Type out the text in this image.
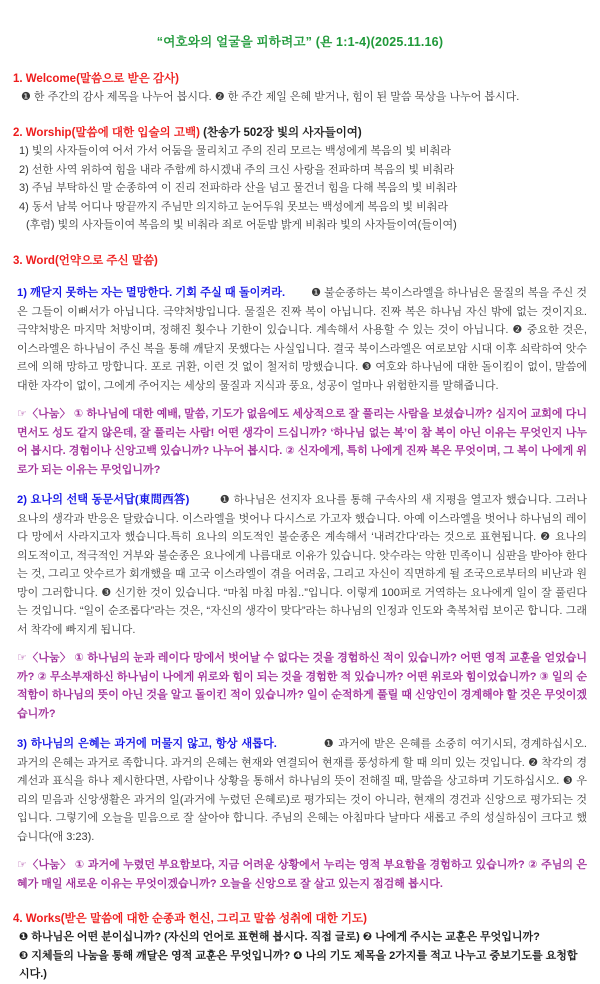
“여호와의 얼굴을 피하려고” (욘 1:1-4)(2025.11.16)
1. Welcome(말씀으로 받은 감사)

❶ 한 주간의 감사 제목을 나누어 봅시다. ❷ 한 주간 제일 은혜 받거나, 힘이 된 말씀 묵상을 나누어 봅시다.

2. Worship(말씀에 대한 입술의 고백) (찬송가 502장 빛의 사자들이여)

1) 빛의 사자들이여 어서 가서 어둠을 물리치고 주의 진리 모르는 백성에게 복음의 빛 비춰라

2) 선한 사역 위하여 힘을 내라 주함께 하시겠내 주의 크신 사랑을 전파하며 복음의 빛 비춰라

3) 주님 부탁하신 말 순종하여 이 진리 전파하라 산을 넘고 물건너 힘을 다해 복음의 빛 비춰라

4) 동서 남북 어디나 땅끝까지 주님만 의지하고 눈어두워 못보는 백성에게 복음의 빛 비춰라

(후렴) 빛의 사자들이여 복음의 빛 비춰라 죄로 어둔밤 밝게 비춰라 빛의 사자들이여(들이여)

3. Word(언약으로 주신 말씀)

1) 깨닫지 못하는 자는 멸망한다. 기회 주실 때 돌이켜라. ❶ 불순종하는 북이스라엘을 하나님은 물질의 복을 주신 것은 그들이 이뻐서가 아닙니다. 극약처방입니다. 물질은 진짜 복이 아닙니다. 진짜 복은 하나님 자신 밖에 없는 것이지요. 극약처방은 마지막 처방이며, 정해진 횟수나 기한이 있습니다. 계속해서 사용할 수 있는 것이 아닙니다. ❷ 중요한 것은, 이스라엘은 하나님이 주신 복을 통해 깨닫지 못했다는 사실입니다. 결국 북이스라엘은 여로보암 시대 이후 쇠락하여 앗수르에 의해 망하고 망합니다. 포로 귀환, 이런 것 없이 철저히 망했습니다. ❸ 여호와 하나님에 대한 돌이킴이 없이, 말씀에 대한 자각이 없이, 그에게 주어지는 세상의 물질과 지식과 풍요, 성공이 얼마나 위험한지를 말해줍니다.

☞〈나눔〉 ① 하나님에 대한 예배, 말씀, 기도가 없음에도 세상적으로 잘 풀리는 사람을 보셨습니까? 심지어 교회에 다니면서도 성도 같지 않은데, 잘 풀리는 사람! 어떤 생각이 드십니까? ‘하나님 없는 복’이 참 복이 아닌 이유는 무엇인지 나누어 봅시다. 경험이나 신앙고백 있습니까? 나누어 봅시다. ② 신자에게, 특히 나에게 진짜 복은 무엇이며, 그 복이 나에게 위로가 되는 이유는 무엇입니까?

2) 요나의 선택 동문서답(東問西答)	❶ 하나님은 선지자 요나를 통해 구속사의 새 지평을 열고자 했습니다. 그러나 요나의 생각과 반응은 달랐습니다. 이스라엘을 벗어나 다시스로 가고자 했습니다. 아예 이스라엘을 벗어나 하나님의 레이다 망에서 사라지고자 했습니다.특히 요나의 의도적인 불순종은 계속해서 ‘내려간다’라는 것으로 표현됩니다. ❷ 요나의 의도적이고, 적극적인 거부와 불순종은 요나에게 나름대로 이유가 있습니다. 앗수라는 악한 민족이니 심판을 받아야 한다는 것, 그리고 앗수르가 회개했을 때 고국 이스라엘이 겪을 어려움, 그리고 자신이 직면하게 될 조국으로부터의 비난과 원망이 그러합니다. ❸ 신기한 것이 있습니다. “마침 마침 마침..”입니다. 이렇게 100퍼로 거역하는 요나에게 일이 잘 풀린다는 것입니다. “일이 순조롭다”라는 것은, “자신의 생각이 맞다”라는 하나님의 인정과 인도와 축복처럼 보이곤 합니다. 그래서 착각에 빠지게 됩니다.

☞〈나눔〉 ① 하나님의 눈과 레이다 망에서 벗어날 수 없다는 것을 경험하신 적이 있습니까? 어떤 영적 교훈을 얻었습니까? ② 무소부재하신 하나님이 나에게 위로와 힘이 되는 것을 경험한 적 있습니까? 어떤 위로와 힘이었습니까? ③ 일의 순적함이 하나님의 뜻이 아닌 것을 알고 돌이킨 적이 있습니까? 일이 순적하게 풀릴 때 신앙인이 경계해야 할 것은 무엇이겠습니까?

3) 하나님의 은혜는 과거에 머물지 않고, 항상 새롭다.	❶ 과거에 받은 은혜를 소중히 여기시되, 경계하십시오. 과거의 은혜는 과거로 족합니다. 과거의 은혜는 현재와 연결되어 현재를 풍성하게 할 때 의미 있는 것입니다. ❷ 착각의 경계선과 표식을 하나 제시한다면, 사람이나 상황을 통해서 하나님의 뜻이 전해질 때, 말씀을 상고하며 기도하십시오. ❸ 우리의 믿음과 신앙생활은 과거의 일(과거에 누렸던 은혜로)로 평가되는 것이 아니라, 현재의 경건과 신앙으로 평가되는 것입니다. 그렇기에 오늘을 믿음으로 잘 살아야 합니다. 주님의 은혜는 아침마다 날마다 새롭고 주의 성실하심이 크다고 했습니다(애 3:23).

☞〈나눔〉 ① 과거에 누렸던 부요함보다, 지금 어려운 상황에서 누리는 영적 부요함을 경험하고 있습니까? ② 주님의 은혜가 매일 새로운 이유는 무엇이겠습니까? 오늘을 신앙으로 잘 살고 있는지 점검해 봅시다.

4. Works(받은 말씀에 대한 순종과 헌신, 그리고 말씀 성취에 대한 기도)

❶ 하나님은 어떤 분이십니까? (자신의 언어로 표현해 봅시다. 직접 글로) ❷ 나에게 주시는 교훈은 무엇입니까?

❸ 지체들의 나눔을 통해 깨달은 영적 교훈은 무엇입니까? ❹ 나의 기도 제목을 2가지를 적고 나누고 중보기도를 요청합시다.)
